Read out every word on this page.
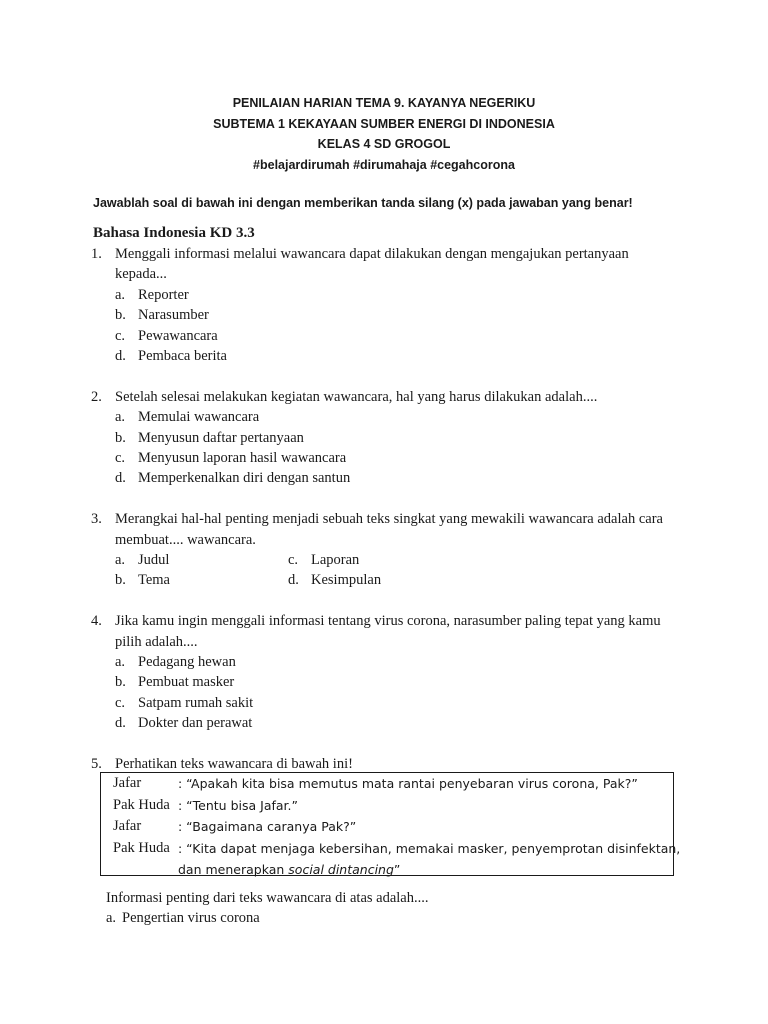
PENILAIAN HARIAN TEMA 9. KAYANYA NEGERIKU
SUBTEMA 1 KEKAYAAN SUMBER ENERGI DI INDONESIA
KELAS 4 SD GROGOL
#belajardirumah #dirumahaja #cegahcorona
Jawablah soal di bawah ini dengan memberikan tanda silang (x) pada jawaban yang benar!
Bahasa Indonesia KD 3.3
1. Menggali informasi melalui wawancara dapat dilakukan dengan mengajukan pertanyaan kepada...
a. Reporter
b. Narasumber
c. Pewawancara
d. Pembaca berita
2. Setelah selesai melakukan kegiatan wawancara, hal yang harus dilakukan adalah....
a. Memulai wawancara
b. Menyusun daftar pertanyaan
c. Menyusun laporan hasil wawancara
d. Memperkenalkan diri dengan santun
3. Merangkai hal-hal penting menjadi sebuah teks singkat yang mewakili wawancara adalah cara membuat.... wawancara.
a. Judul	c. Laporan
b. Tema	d. Kesimpulan
4. Jika kamu ingin menggali informasi tentang virus corona, narasumber paling tepat yang kamu pilih adalah....
a. Pedagang hewan
b. Pembuat masker
c. Satpam rumah sakit
d. Dokter dan perawat
5. Perhatikan teks wawancara di bawah ini!
Jafar	: “Apakah kita bisa memutus mata rantai penyebaran virus corona, Pak?”
Pak Huda : “Tentu bisa Jafar.”
Jafar	: “Bagaimana caranya Pak?”
Pak Huda : “Kita dapat menjaga kebersihan, memakai masker, penyemprotan disinfektan,
dan menerapkan social dintancing”
Informasi penting dari teks wawancara di atas adalah....
a. Pengertian virus corona
